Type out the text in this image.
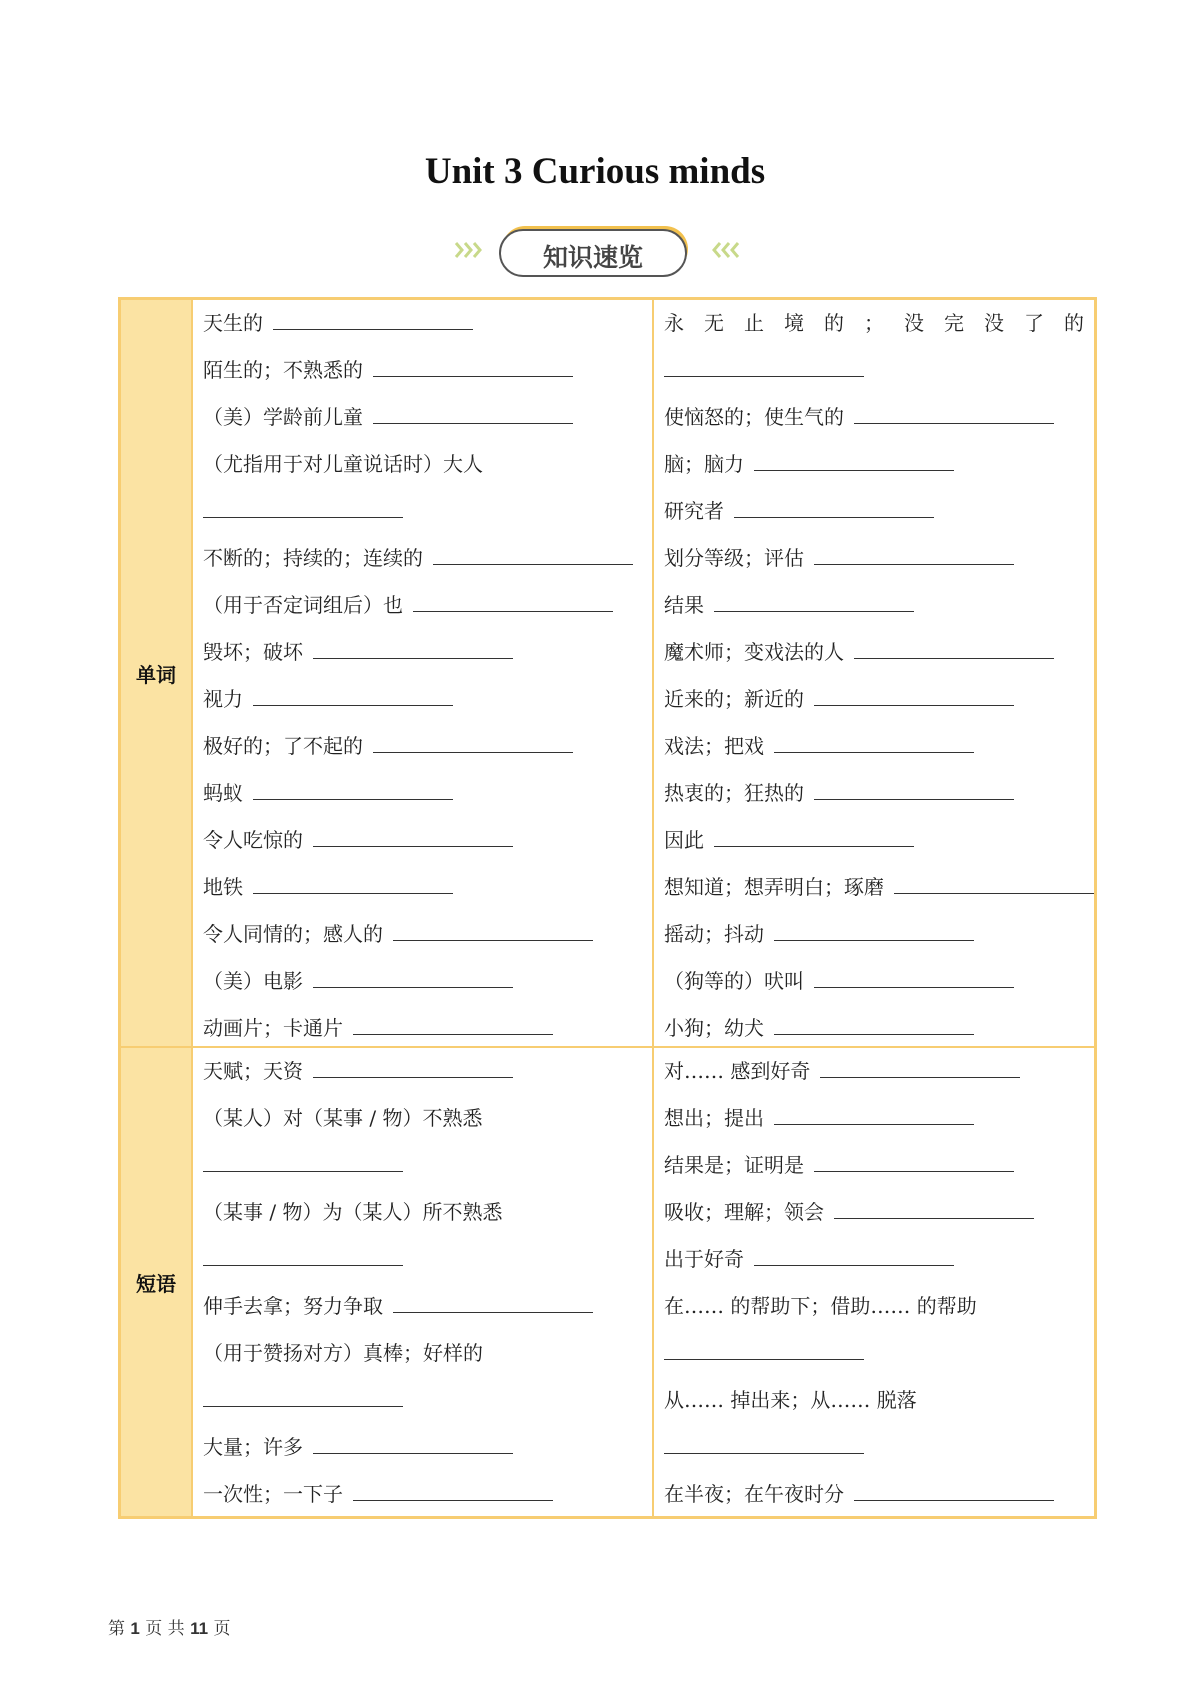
Unit 3 Curious minds
知识速览
单词
短语
天生的
陌生的；不熟悉的
（美）学龄前儿童
（尤指用于对儿童说话时）大人
不断的；持续的；连续的
（用于否定词组后）也
毁坏；破坏
视力
极好的；了不起的
蚂蚁
令人吃惊的
地铁
令人同情的；感人的
（美）电影
动画片；卡通片
永无止境的；没完没了的
使恼怒的；使生气的
脑；脑力
研究者
划分等级；评估
结果
魔术师；变戏法的人
近来的；新近的
戏法；把戏
热衷的；狂热的
因此
想知道；想弄明白；琢磨
摇动；抖动
（狗等的）吠叫
小狗；幼犬
天赋；天资
（某人）对（某事 / 物）不熟悉
（某事 / 物）为（某人）所不熟悉
伸手去拿；努力争取
（用于赞扬对方）真棒；好样的
大量；许多
一次性；一下子
对…… 感到好奇
想出；提出
结果是；证明是
吸收；理解；领会
出于好奇
在…… 的帮助下；借助…… 的帮助
从…… 掉出来；从…… 脱落
在半夜；在午夜时分
第 1 页 共 11 页
